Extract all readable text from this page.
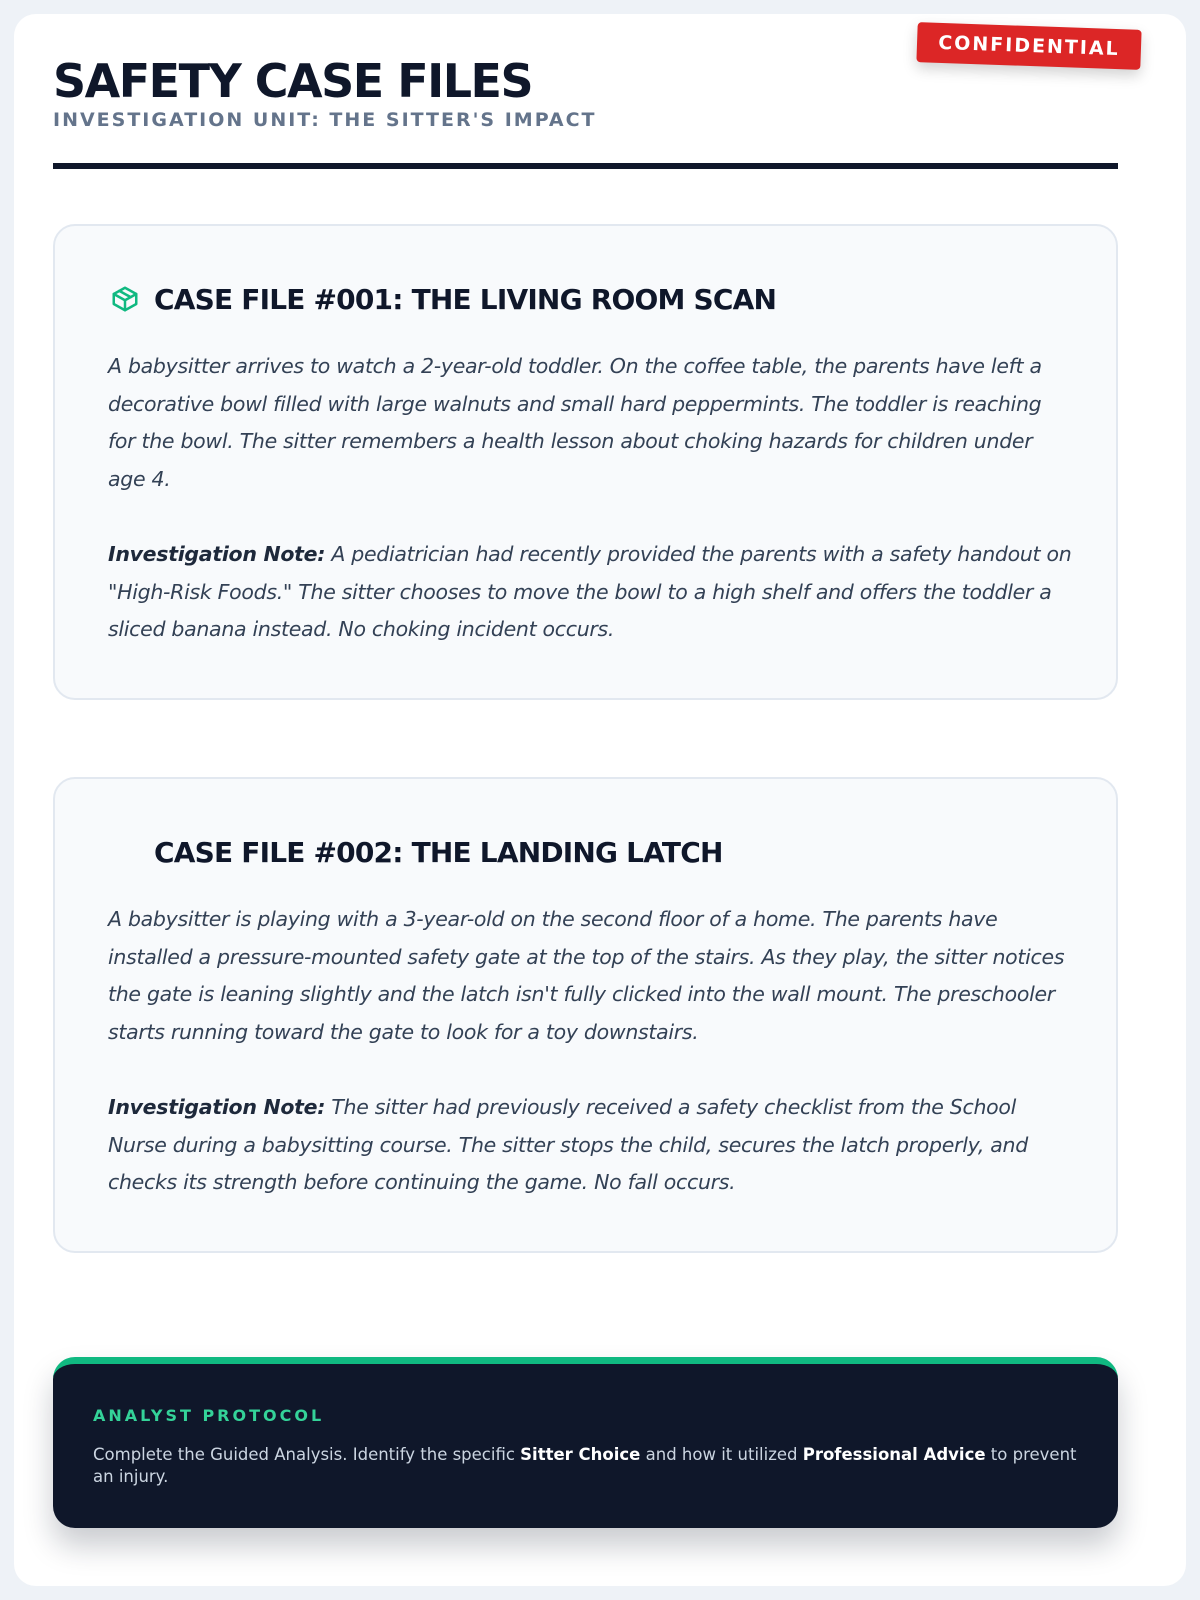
SAFETY CASE FILES
INVESTIGATION UNIT: THE SITTER'S IMPACT
CONFIDENTIAL
CASE FILE #001: THE LIVING ROOM SCAN

A babysitter arrives to watch a 2-year-old toddler. On the coffee table, the parents have left a decorative bowl filled with large walnuts and small hard peppermints. The toddler is reaching for the bowl. The sitter remembers a health lesson about choking hazards for children under age 4.

Investigation Note: A pediatrician had recently provided the parents with a safety handout on "High-Risk Foods." The sitter chooses to move the bowl to a high shelf and offers the toddler a sliced banana instead. No choking incident occurs.

CASE FILE #002: THE LANDING LATCH

A babysitter is playing with a 3-year-old on the second floor of a home. The parents have installed a pressure-mounted safety gate at the top of the stairs. As they play, the sitter notices the gate is leaning slightly and the latch isn't fully clicked into the wall mount. The preschooler starts running toward the gate to look for a toy downstairs.

Investigation Note: The sitter had previously received a safety checklist from the School Nurse during a babysitting course. The sitter stops the child, secures the latch properly, and checks its strength before continuing the game. No fall occurs.

ANALYST PROTOCOL
Complete the Guided Analysis. Identify the specific Sitter Choice and how it utilized Professional Advice to prevent an injury.
